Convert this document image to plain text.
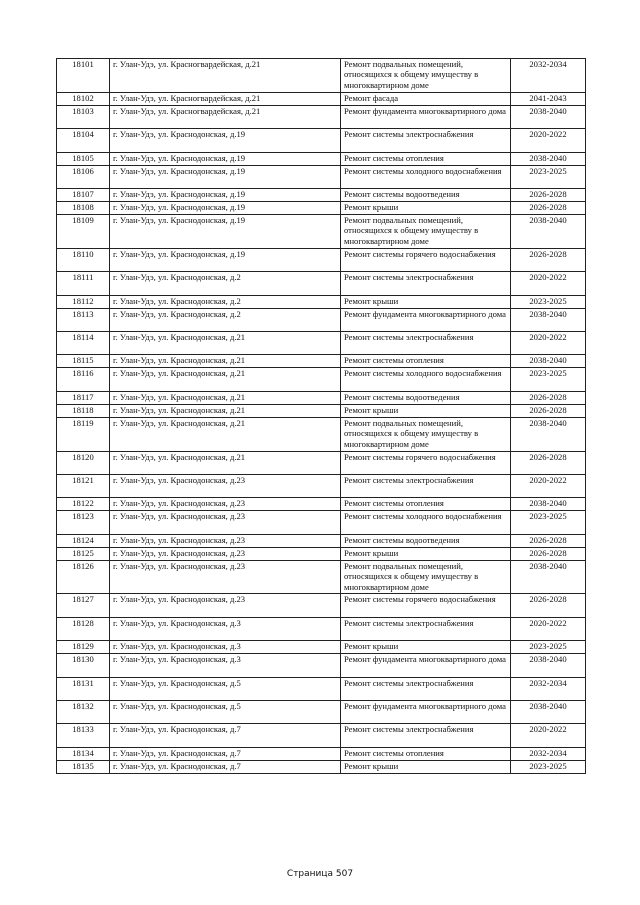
18101	г. Улан-Удэ, ул. Красногвардейская, д.21	Ремонт подвальных помещений, относящихся к общему имуществу в многоквартирном доме	2032-2034
18102	г. Улан-Удэ, ул. Красногвардейская, д.21	Ремонт фасада	2041-2043
18103	г. Улан-Удэ, ул. Красногвардейская, д.21	Ремонт фундамента многоквартирного дома	2038-2040
18104	г. Улан-Удэ, ул. Краснодонская, д.19	Ремонт системы электроснабжения	2020-2022
18105	г. Улан-Удэ, ул. Краснодонская, д.19	Ремонт системы отопления	2038-2040
18106	г. Улан-Удэ, ул. Краснодонская, д.19	Ремонт системы холодного водоснабжения	2023-2025
18107	г. Улан-Удэ, ул. Краснодонская, д.19	Ремонт системы водоотведения	2026-2028
18108	г. Улан-Удэ, ул. Краснодонская, д.19	Ремонт крыши	2026-2028
18109	г. Улан-Удэ, ул. Краснодонская, д.19	Ремонт подвальных помещений, относящихся к общему имуществу в многоквартирном доме	2038-2040
18110	г. Улан-Удэ, ул. Краснодонская, д.19	Ремонт системы горячего водоснабжения	2026-2028
18111	г. Улан-Удэ, ул. Краснодонская, д.2	Ремонт системы электроснабжения	2020-2022
18112	г. Улан-Удэ, ул. Краснодонская, д.2	Ремонт крыши	2023-2025
18113	г. Улан-Удэ, ул. Краснодонская, д.2	Ремонт фундамента многоквартирного дома	2038-2040
18114	г. Улан-Удэ, ул. Краснодонская, д.21	Ремонт системы электроснабжения	2020-2022
18115	г. Улан-Удэ, ул. Краснодонская, д.21	Ремонт системы отопления	2038-2040
18116	г. Улан-Удэ, ул. Краснодонская, д.21	Ремонт системы холодного водоснабжения	2023-2025
18117	г. Улан-Удэ, ул. Краснодонская, д.21	Ремонт системы водоотведения	2026-2028
18118	г. Улан-Удэ, ул. Краснодонская, д.21	Ремонт крыши	2026-2028
18119	г. Улан-Удэ, ул. Краснодонская, д.21	Ремонт подвальных помещений, относящихся к общему имуществу в многоквартирном доме	2038-2040
18120	г. Улан-Удэ, ул. Краснодонская, д.21	Ремонт системы горячего водоснабжения	2026-2028
18121	г. Улан-Удэ, ул. Краснодонская, д.23	Ремонт системы электроснабжения	2020-2022
18122	г. Улан-Удэ, ул. Краснодонская, д.23	Ремонт системы отопления	2038-2040
18123	г. Улан-Удэ, ул. Краснодонская, д.23	Ремонт системы холодного водоснабжения	2023-2025
18124	г. Улан-Удэ, ул. Краснодонская, д.23	Ремонт системы водоотведения	2026-2028
18125	г. Улан-Удэ, ул. Краснодонская, д.23	Ремонт крыши	2026-2028
18126	г. Улан-Удэ, ул. Краснодонская, д.23	Ремонт подвальных помещений, относящихся к общему имуществу в многоквартирном доме	2038-2040
18127	г. Улан-Удэ, ул. Краснодонская, д.23	Ремонт системы горячего водоснабжения	2026-2028
18128	г. Улан-Удэ, ул. Краснодонская, д.3	Ремонт системы электроснабжения	2020-2022
18129	г. Улан-Удэ, ул. Краснодонская, д.3	Ремонт крыши	2023-2025
18130	г. Улан-Удэ, ул. Краснодонская, д.3	Ремонт фундамента многоквартирного дома	2038-2040
18131	г. Улан-Удэ, ул. Краснодонская, д.5	Ремонт системы электроснабжения	2032-2034
18132	г. Улан-Удэ, ул. Краснодонская, д.5	Ремонт фундамента многоквартирного дома	2038-2040
18133	г. Улан-Удэ, ул. Краснодонская, д.7	Ремонт системы электроснабжения	2020-2022
18134	г. Улан-Удэ, ул. Краснодонская, д.7	Ремонт системы отопления	2032-2034
18135	г. Улан-Удэ, ул. Краснодонская, д.7	Ремонт крыши	2023-2025
Страница 507
